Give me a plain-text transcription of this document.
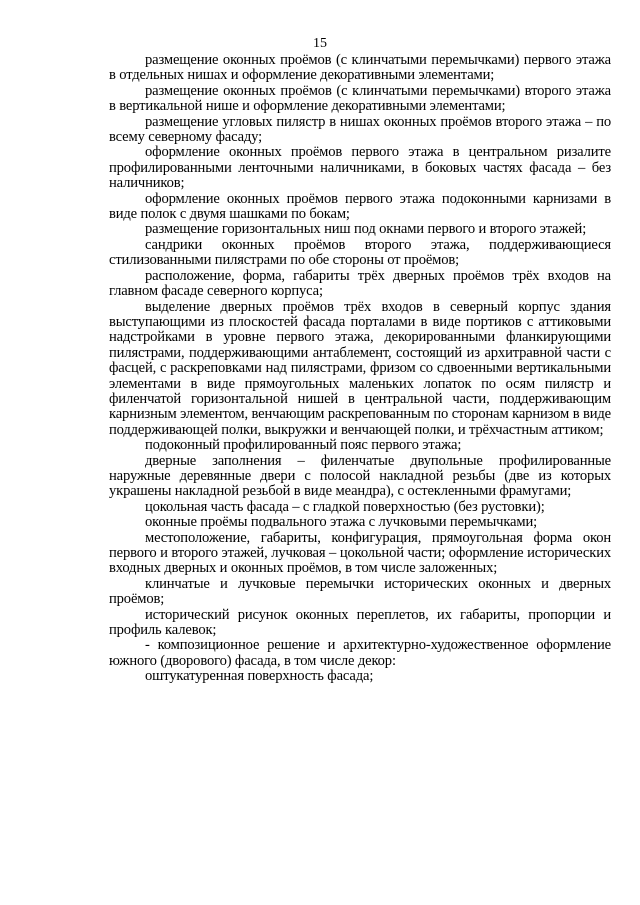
15

размещение оконных проёмов (с клинчатыми перемычками) первого этажа в отдельных нишах и оформление декоративными элементами;

размещение оконных проёмов (с клинчатыми перемычками) второго этажа в вертикальной нише и оформление декоративными элементами;

размещение угловых пилястр в нишах оконных проёмов второго этажа – по всему северному фасаду;

оформление оконных проёмов первого этажа в центральном ризалите профилированными ленточными наличниками, в боковых частях фасада – без наличников;

оформление оконных проёмов первого этажа подоконными карнизами в виде полок с двумя шашками по бокам;

размещение горизонтальных ниш под окнами первого и второго этажей;

сандрики оконных проёмов второго этажа, поддерживающиеся стилизованными пилястрами по обе стороны от проёмов;

расположение, форма, габариты трёх дверных проёмов трёх входов на главном фасаде северного корпуса;

выделение дверных проёмов трёх входов в северный корпус здания выступающими из плоскостей фасада порталами в виде портиков с аттиковыми надстройками в уровне первого этажа, декорированными фланкирующими пилястрами, поддерживающими антаблемент, состоящий из архитравной части с фасцей, с раскреповками над пилястрами, фризом со сдвоенными вертикальными элементами в виде прямоугольных маленьких лопаток по осям пилястр и филенчатой горизонтальной нишей в центральной части, поддерживающим карнизным элементом, венчающим раскрепованным по сторонам карнизом в виде поддерживающей полки, выкружки и венчающей полки, и трёхчастным аттиком;

подоконный профилированный пояс первого этажа;

дверные заполнения – филенчатые двупольные профилированные наружные деревянные двери с полосой накладной резьбы (две из которых украшены накладной резьбой в виде меандра), с остекленными фрамугами;

цокольная часть фасада – с гладкой поверхностью (без рустовки);

оконные проёмы подвального этажа с лучковыми перемычками;

местоположение, габариты, конфигурация, прямоугольная форма окон первого и второго этажей, лучковая – цокольной части; оформление исторических входных дверных и оконных проёмов, в том числе заложенных;

клинчатые и лучковые перемычки исторических оконных и дверных проёмов;

исторический рисунок оконных переплетов, их габариты, пропорции и профиль калевок;

- композиционное решение и архитектурно-художественное оформление южного (дворового) фасада, в том числе декор:

оштукатуренная поверхность фасада;
